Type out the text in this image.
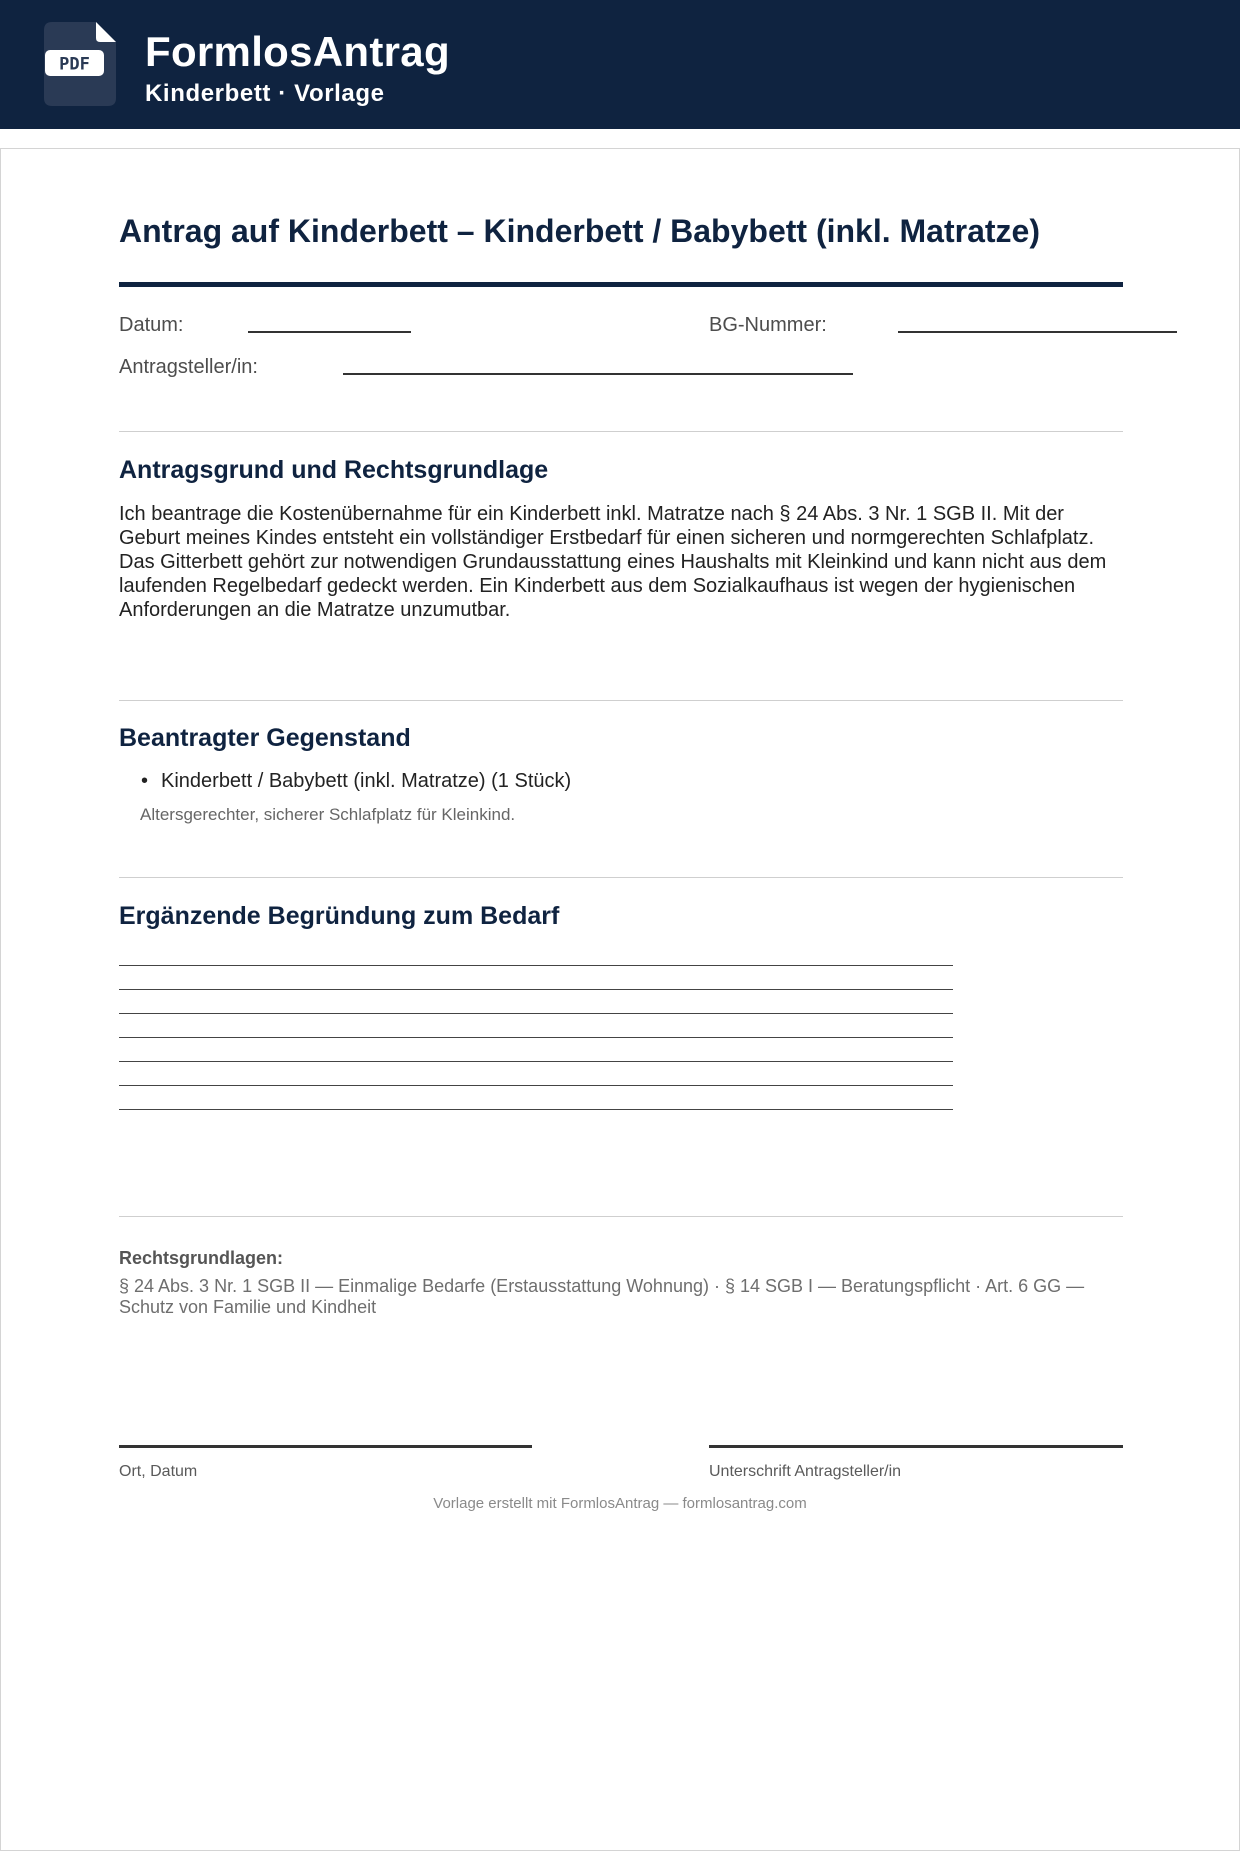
PDF FormlosAntrag
Kinderbett · Vorlage
Antrag auf Kinderbett – Kinderbett / Babybett (inkl. Matratze)
Datum:	BG-Nummer:
Antragsteller/in:
Antragsgrund und Rechtsgrundlage
Ich beantrage die Kostenübernahme für ein Kinderbett inkl. Matratze nach § 24 Abs. 3 Nr. 1 SGB II. Mit der Geburt meines Kindes entsteht ein vollständiger Erstbedarf für einen sicheren und normgerechten Schlafplatz. Das Gitterbett gehört zur notwendigen Grundausstattung eines Haushalts mit Kleinkind und kann nicht aus dem laufenden Regelbedarf gedeckt werden. Ein Kinderbett aus dem Sozialkaufhaus ist wegen der hygienischen Anforderungen an die Matratze unzumutbar.
Beantragter Gegenstand
• Kinderbett / Babybett (inkl. Matratze) (1 Stück)
Altersgerechter, sicherer Schlafplatz für Kleinkind.
Ergänzende Begründung zum Bedarf
Rechtsgrundlagen:
§ 24 Abs. 3 Nr. 1 SGB II — Einmalige Bedarfe (Erstausstattung Wohnung) · § 14 SGB I — Beratungspflicht · Art. 6 GG — Schutz von Familie und Kindheit
Ort, Datum	Unterschrift Antragsteller/in
Vorlage erstellt mit FormlosAntrag — formlosantrag.com
